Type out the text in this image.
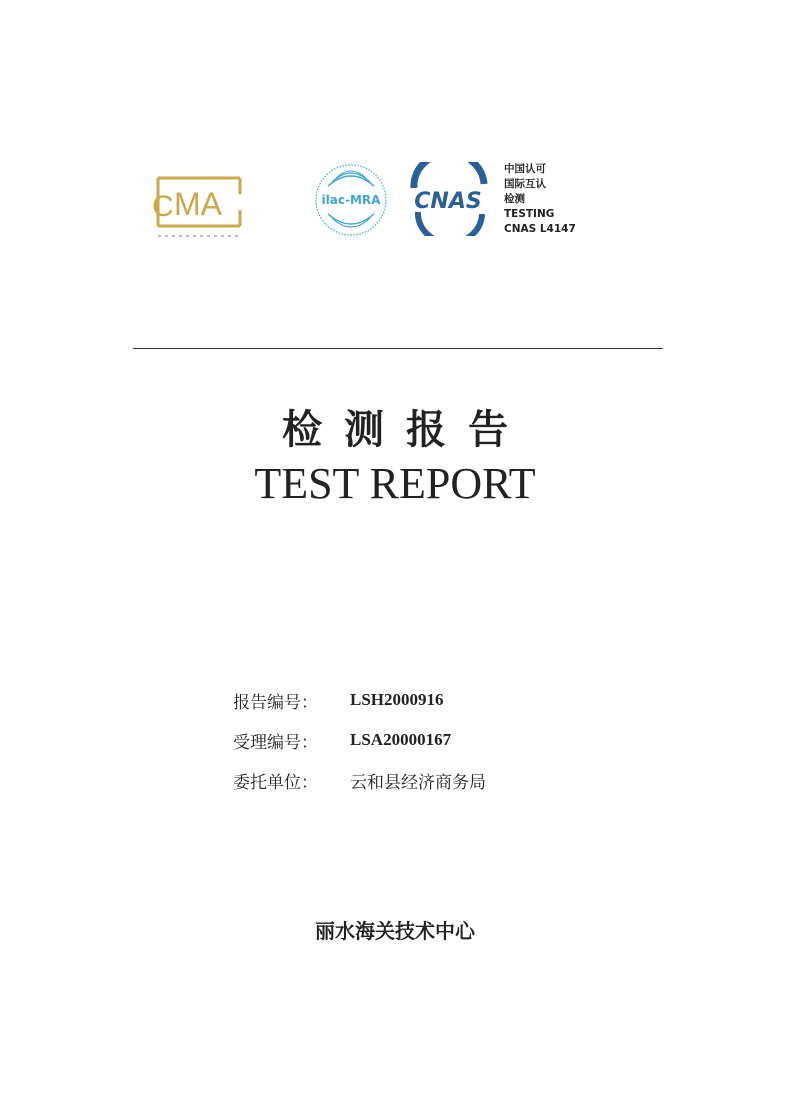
MA
C	ilac-MRA CNAS
中国认可
国际互认
检测
TESTING
CNAS L4147
检测报告
TEST REPORT
报告编号：	LSH2000916
受理编号：	LSA20000167
委托单位：	云和县经济商务局
丽水海关技术中心
